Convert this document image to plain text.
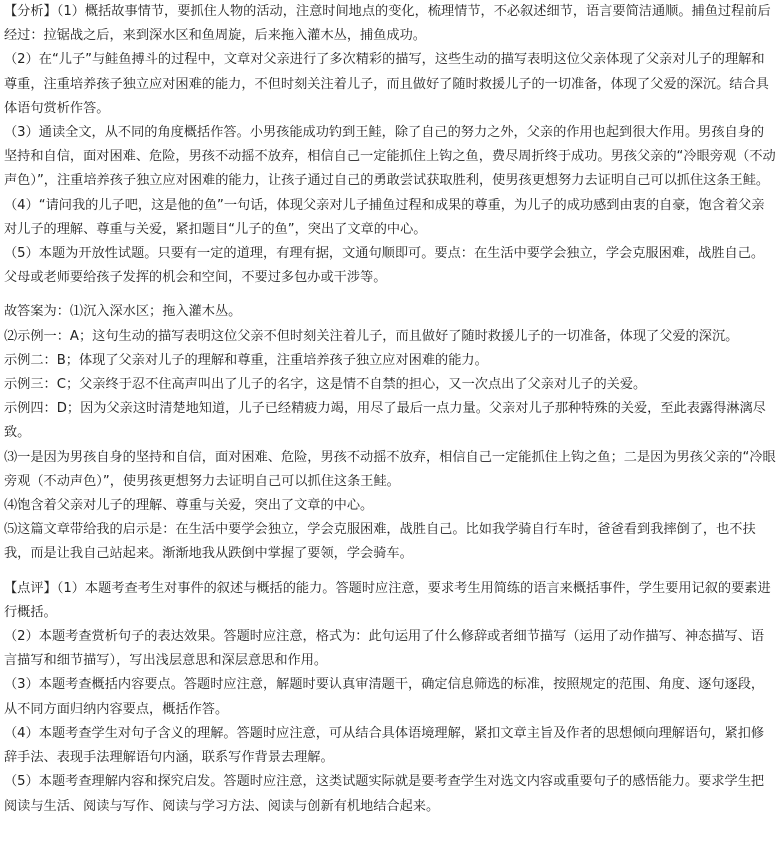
【分析】（1）概括故事情节，要抓住人物的活动，注意时间地点的变化，梳理情节，不必叙述细节，语言要简洁通顺。捕鱼过程前后经过：拉锯战之后，来到深水区和鱼周旋，后来拖入灌木丛，捕鱼成功。

（2）在“儿子”与鲑鱼搏斗的过程中，文章对父亲进行了多次精彩的描写，这些生动的描写表明这位父亲体现了父亲对儿子的理解和尊重，注重培养孩子独立应对困难的能力，不但时刻关注着儿子，而且做好了随时救援儿子的一切准备，体现了父爱的深沉。结合具体语句赏析作答。

（3）通读全文，从不同的角度概括作答。小男孩能成功钓到王鲑，除了自己的努力之外，父亲的作用也起到很大作用。男孩自身的坚持和自信，面对困难、危险，男孩不动摇不放弃，相信自己一定能抓住上钩之鱼，费尽周折终于成功。男孩父亲的“冷眼旁观（不动声色）”，注重培养孩子独立应对困难的能力，让孩子通过自己的勇敢尝试获取胜利，使男孩更想努力去证明自己可以抓住这条王鲑。

（4）“请问我的儿子吧，这是他的鱼”一句话，体现父亲对儿子捕鱼过程和成果的尊重，为儿子的成功感到由衷的自豪，饱含着父亲对儿子的理解、尊重与关爱，紧扣题目“儿子的鱼”，突出了文章的中心。

（5）本题为开放性试题。只要有一定的道理，有理有据，文通句顺即可。要点：在生活中要学会独立，学会克服困难，战胜自己。父母或老师要给孩子发挥的机会和空间，不要过多包办或干涉等。

故答案为：⑴沉入深水区；拖入灌木丛。

⑵示例一：A；这句生动的描写表明这位父亲不但时刻关注着儿子，而且做好了随时救援儿子的一切准备，体现了父爱的深沉。

示例二：B；体现了父亲对儿子的理解和尊重，注重培养孩子独立应对困难的能力。

示例三：C；父亲终于忍不住高声叫出了儿子的名字，这是情不自禁的担心，又一次点出了父亲对儿子的关爱。

示例四：D；因为父亲这时清楚地知道，儿子已经精疲力竭，用尽了最后一点力量。父亲对儿子那种特殊的关爱，至此表露得淋漓尽致。

⑶一是因为男孩自身的坚持和自信，面对困难、危险，男孩不动摇不放弃，相信自己一定能抓住上钩之鱼；二是因为男孩父亲的“冷眼旁观（不动声色）”，使男孩更想努力去证明自己可以抓住这条王鲑。

⑷饱含着父亲对儿子的理解、尊重与关爱，突出了文章的中心。

⑸这篇文章带给我的启示是：在生活中要学会独立，学会克服困难，战胜自己。比如我学骑自行车时，爸爸看到我摔倒了，也不扶我，而是让我自己站起来。渐渐地我从跌倒中掌握了要领，学会骑车。

【点评】（1）本题考查考生对事件的叙述与概括的能力。答题时应注意，要求考生用简练的语言来概括事件，学生要用记叙的要素进行概括。

（2）本题考查赏析句子的表达效果。答题时应注意，格式为：此句运用了什么修辞或者细节描写（运用了动作描写、神态描写、语言描写和细节描写），写出浅层意思和深层意思和作用。

（3）本题考查概括内容要点。答题时应注意，解题时要认真审清题干，确定信息筛选的标准，按照规定的范围、角度、逐句逐段，从不同方面归纳内容要点，概括作答。

（4）本题考查学生对句子含义的理解。答题时应注意，可从结合具体语境理解，紧扣文章主旨及作者的思想倾向理解语句，紧扣修辞手法、表现手法理解语句内涵，联系写作背景去理解。

（5）本题考查理解内容和探究启发。答题时应注意，这类试题实际就是要考查学生对选文内容或重要句子的感悟能力。要求学生把阅读与生活、阅读与写作、阅读与学习方法、阅读与创新有机地结合起来。
